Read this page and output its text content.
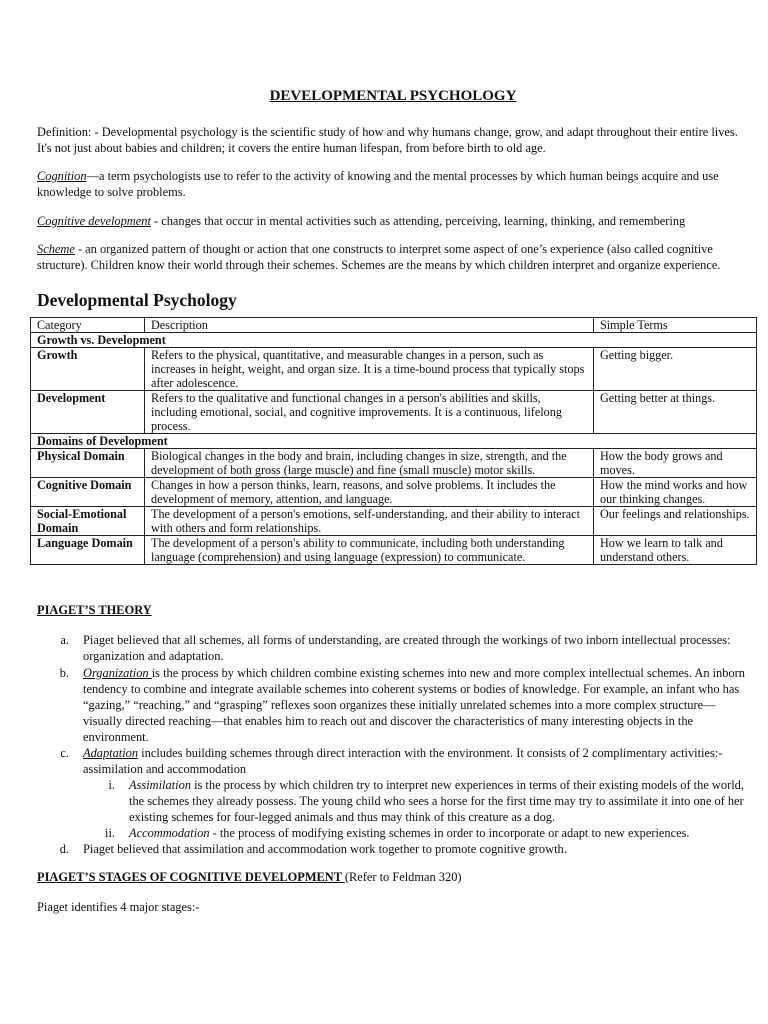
DEVELOPMENTAL PSYCHOLOGY

Definition: - Developmental psychology is the scientific study of how and why humans change, grow, and adapt throughout their entire lives. It's not just about babies and children; it covers the entire human lifespan, from before birth to old age.

Cognition—a term psychologists use to refer to the activity of knowing and the mental processes by which human beings acquire and use knowledge to solve problems.

Cognitive development - changes that occur in mental activities such as attending, perceiving, learning, thinking, and remembering

Scheme - an organized pattern of thought or action that one constructs to interpret some aspect of one’s experience (also called cognitive structure). Children know their world through their schemes. Schemes are the means by which children interpret and organize experience.

Developmental Psychology
Category	Description	Simple Terms
Growth vs. Development		
Growth	Refers to the physical, quantitative, and measurable changes in a person, such as increases in height, weight, and organ size. It is a time-bound process that typically stops after adolescence.	Getting bigger.
Development	Refers to the qualitative and functional changes in a person's abilities and skills, including emotional, social, and cognitive improvements. It is a continuous, lifelong process.	Getting better at things.
Domains of Development		
Physical Domain	Biological changes in the body and brain, including changes in size, strength, and the development of both gross (large muscle) and fine (small muscle) motor skills.	How the body grows and moves.
Cognitive Domain	Changes in how a person thinks, learn, reasons, and solve problems. It includes the development of memory, attention, and language.	How the mind works and how our thinking changes.
Social-Emotional Domain	The development of a person's emotions, self-understanding, and their ability to interact with others and form relationships.	Our feelings and relationships.
Language Domain	The development of a person's ability to communicate, including both understanding language (comprehension) and using language (expression) to communicate.	How we learn to talk and understand others.

PIAGET’S THEORY

a. Piaget believed that all schemes, all forms of understanding, are created through the workings of two inborn intellectual processes: organization and adaptation.
b. Organization is the process by which children combine existing schemes into new and more complex intellectual schemes. An inborn tendency to combine and integrate available schemes into coherent systems or bodies of knowledge. For example, an infant who has “gazing,” “reaching,” and “grasping” reflexes soon organizes these initially unrelated schemes into a more complex structure—visually directed reaching—that enables him to reach out and discover the characteristics of many interesting objects in the environment.
c. Adaptation includes building schemes through direct interaction with the environment. It consists of 2 complimentary activities:- assimilation and accommodation
i. Assimilation is the process by which children try to interpret new experiences in terms of their existing models of the world, the schemes they already possess. The young child who sees a horse for the first time may try to assimilate it into one of her existing schemes for four-legged animals and thus may think of this creature as a dog.
ii. Accommodation - the process of modifying existing schemes in order to incorporate or adapt to new experiences.
d. Piaget believed that assimilation and accommodation work together to promote cognitive growth.

PIAGET’S STAGES OF COGNITIVE DEVELOPMENT (Refer to Feldman 320)

Piaget identifies 4 major stages:-
